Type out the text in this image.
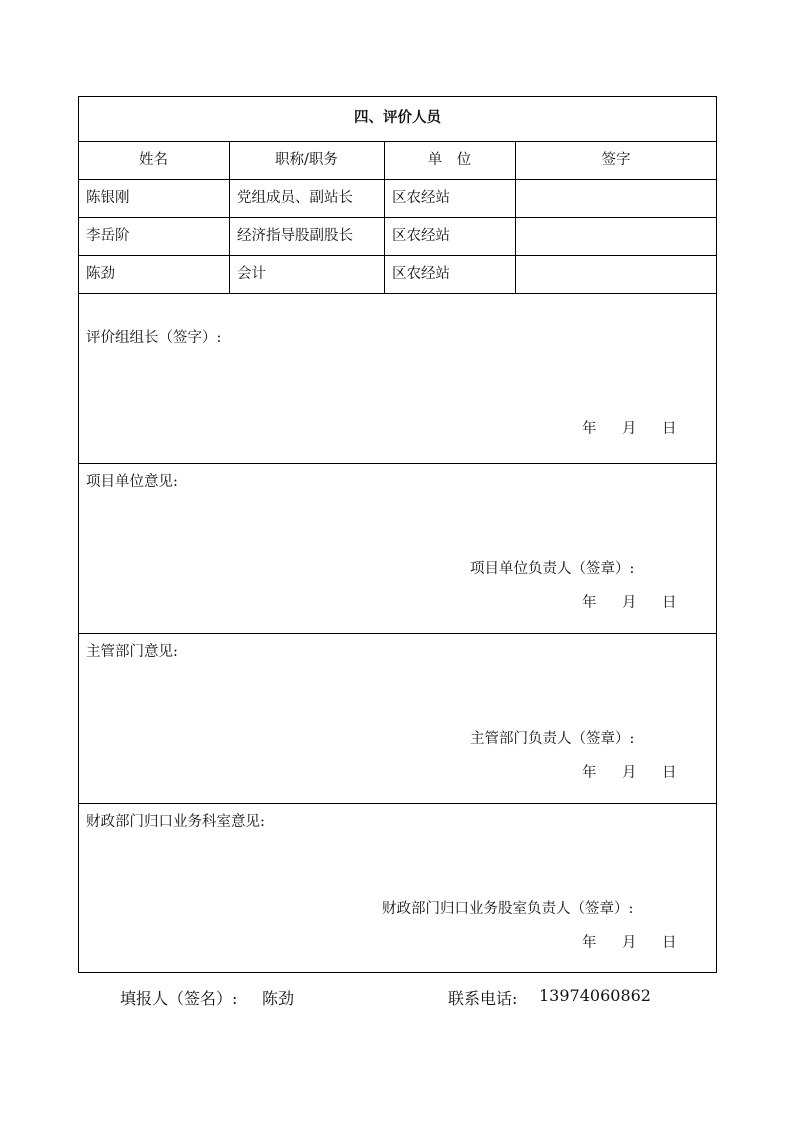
四、评价人员
姓名	职称/职务	单　位	签字
陈银刚	党组成员、副站长	区农经站
李岳阶	经济指导股副股长	区农经站
陈劲	会计	区农经站
评价组组长（签字）:
年 月 日
项目单位意见:
项目单位负责人（签章）:
年 月 日
主管部门意见:
主管部门负责人（签章）:
年 月 日
财政部门归口业务科室意见:
财政部门归口业务股室负责人（签章）:
年 月 日
填报人（签名）: 陈劲	联系电话: 13974060862
